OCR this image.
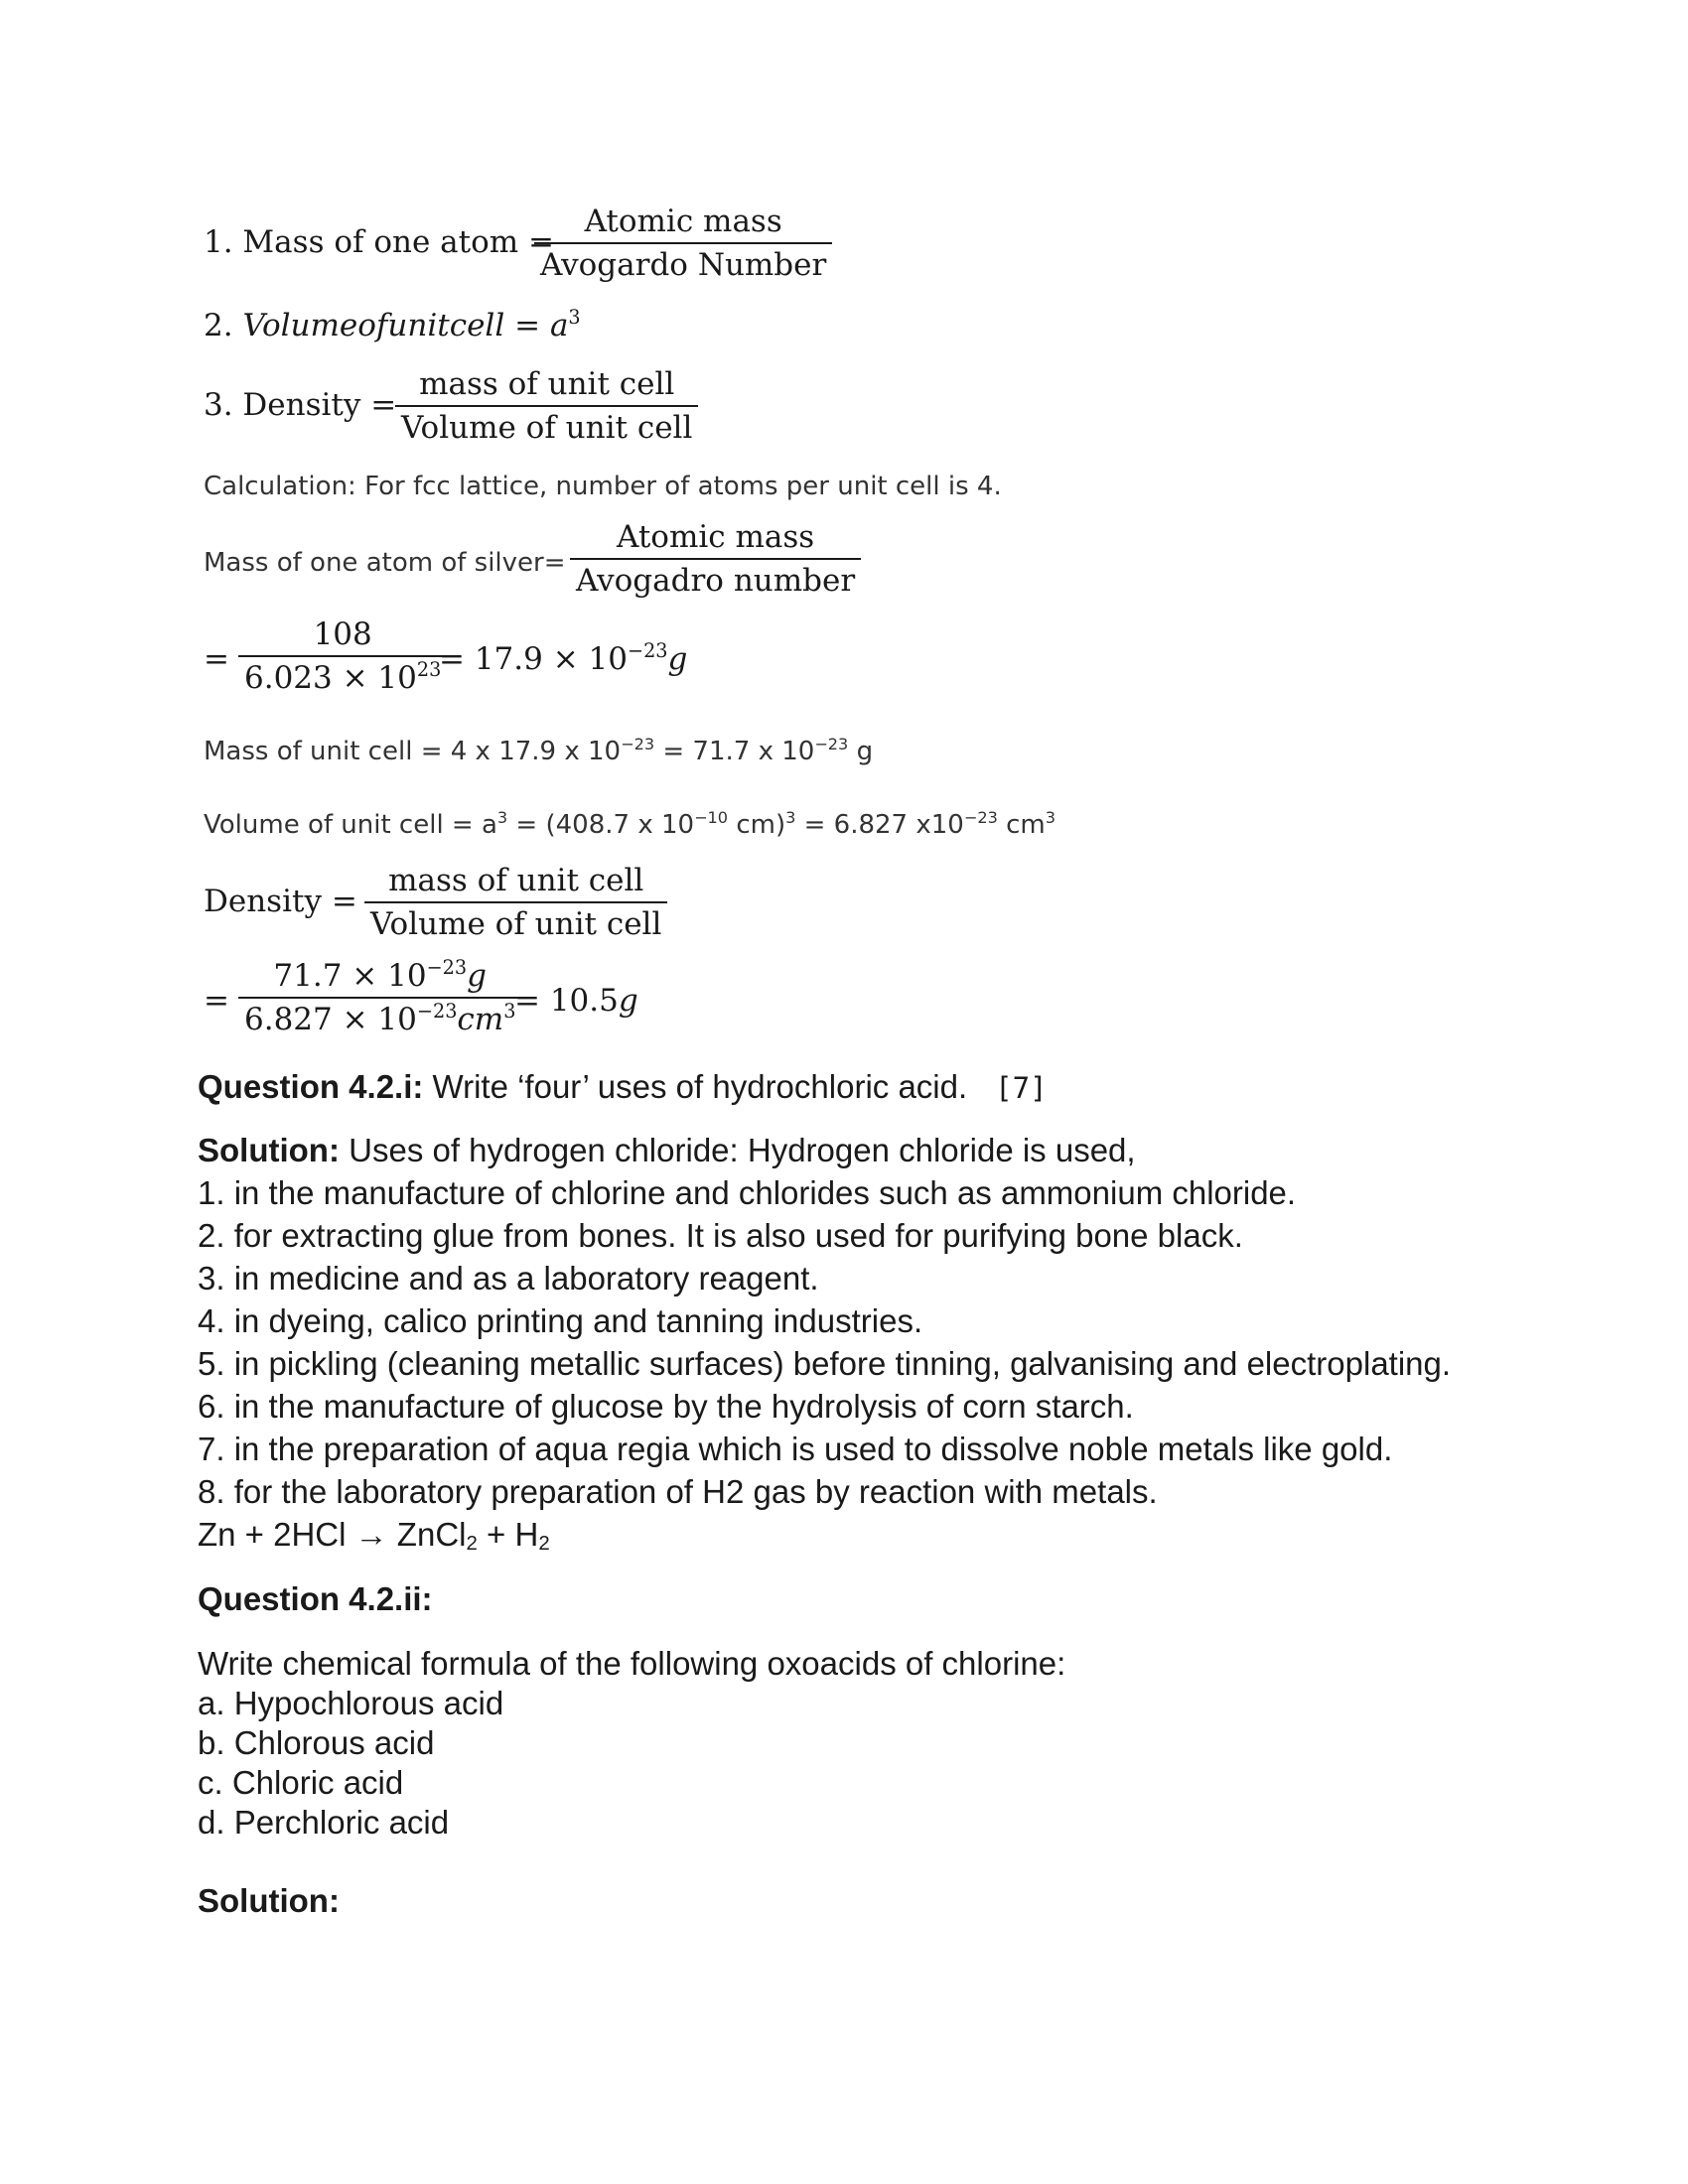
1. Mass of one atom =
Atomic mass
Avogardo Number
2. Volumeofunitcell = $a^3$
3. Density =
mass of unit cell
Volume of unit cell
Calculation: For fcc lattice, number of atoms per unit cell is 4.
Mass of one atom of silver=
Atomic mass
Avogadro number
= $\frac{108}{6.023 \times 10^{23}}$
= $17.9 \times 10^{-23}g$
Mass of unit cell = 4 x 17.9 x $10^{-23} = 71.7$ x $10^{-23}$ g
Volume of unit cell = $a^3 = (408.7$ x $10^{-10}$ cm)$^3$ = 6.827 $x10^{-23}$ $cm^3$
Density =
mass of unit cell
Volume of unit cell
= $\frac{71.7 \times 10^{-23}g}{6.827 \times 10^{-23}cm^3}$
= 10.5g
Question 4.2.i: Write ‘four’ uses of hydrochloric acid. [7]
Solution: Uses of hydrogen chloride: Hydrogen chloride is used,
1. in the manufacture of chlorine and chlorides such as ammonium chloride.
2. for extracting glue from bones. It is also used for purifying bone black.
3. in medicine and as a laboratory reagent.
4. in dyeing, calico printing and tanning industries.
5. in pickling (cleaning metallic surfaces) before tinning, galvanising and electroplating.
6. in the manufacture of glucose by the hydrolysis of corn starch.
7. in the preparation of aqua regia which is used to dissolve noble metals like gold.
8. for the laboratory preparation of H2 gas by reaction with metals.
Zn + 2HCl → ZnCl$_2$ + $H_2$
Question 4.2.ii:
Write chemical formula of the following oxoacids of chlorine:
a. Hypochlorous acid
b. Chlorous acid
c. Chloric acid
d. Perchloric acid
Solution:
